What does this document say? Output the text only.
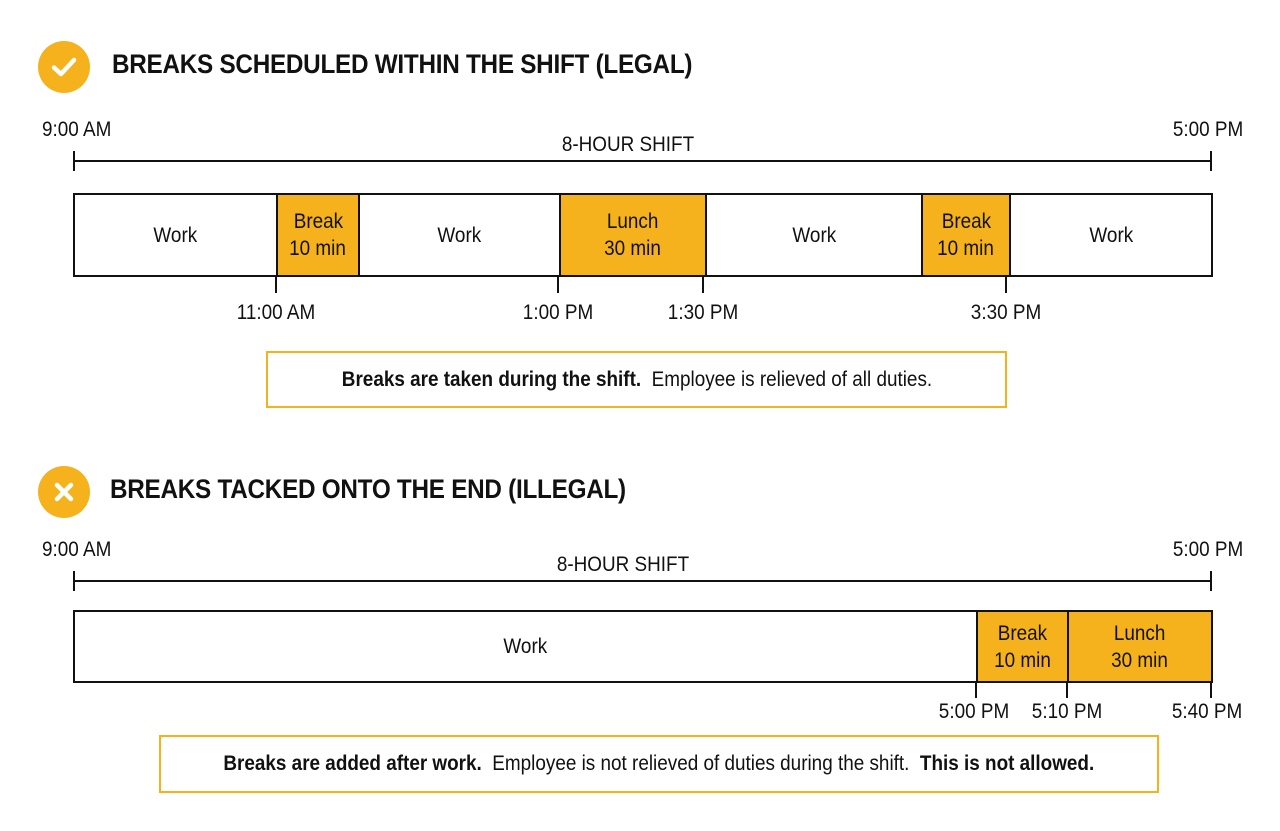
BREAKS SCHEDULED WITHIN THE SHIFT (LEGAL)
9:00 AM	5:00 PM
8-HOUR SHIFT
Work
Break
10 min
Work
Lunch
30 min
Work
Break
10 min
Work
11:00 AM	1:00 PM	1:30 PM	3:30 PM
Breaks are taken during the shift. Employee is relieved of all duties.
BREAKS TACKED ONTO THE END (ILLEGAL)
9:00 AM	5:00 PM
8-HOUR SHIFT
Work
Break
10 min
Lunch
30 min
5:00 PM 5:10 PM	5:40 PM
Breaks are added after work. Employee is not relieved of duties during the shift. This is not allowed.
